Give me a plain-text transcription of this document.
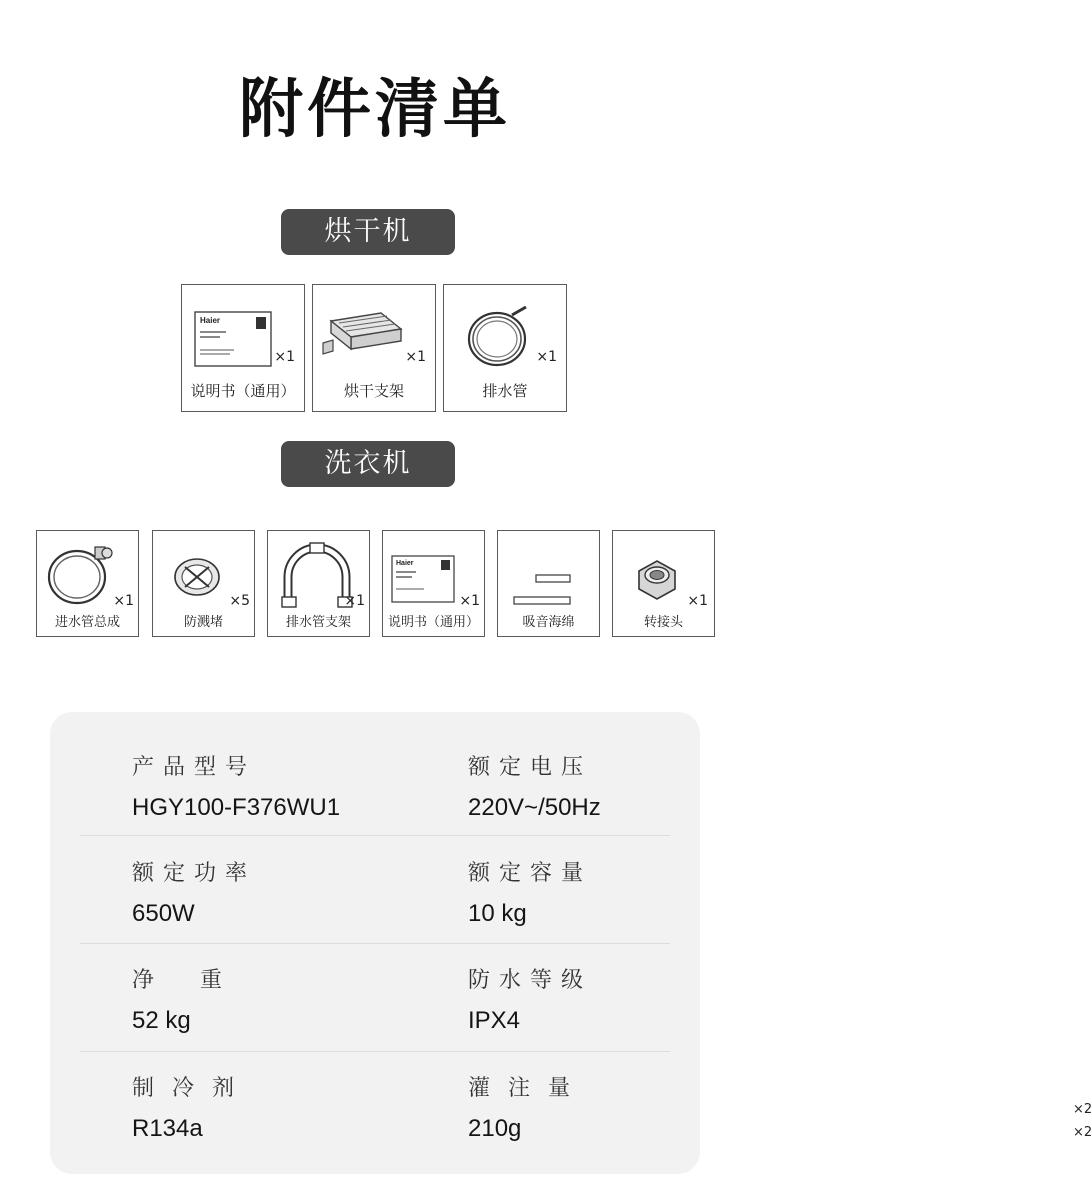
附件清单
烘干机
Haier
×1
说明书（通用）
×1
烘干支架
×1
排水管
洗衣机
×1
进水管总成
×5
防溅堵
×1
排水管支架
Haier
×1
说明书（通用）
×2
×2
吸音海绵
×1
转接头
产品型号
HGY100-F376WU1
额定电压
220V~/50Hz
额定功率
650W
额定容量
10 kg
净　重
52 kg
防水等级
IPX4
制冷剂
R134a
灌注量
210g
